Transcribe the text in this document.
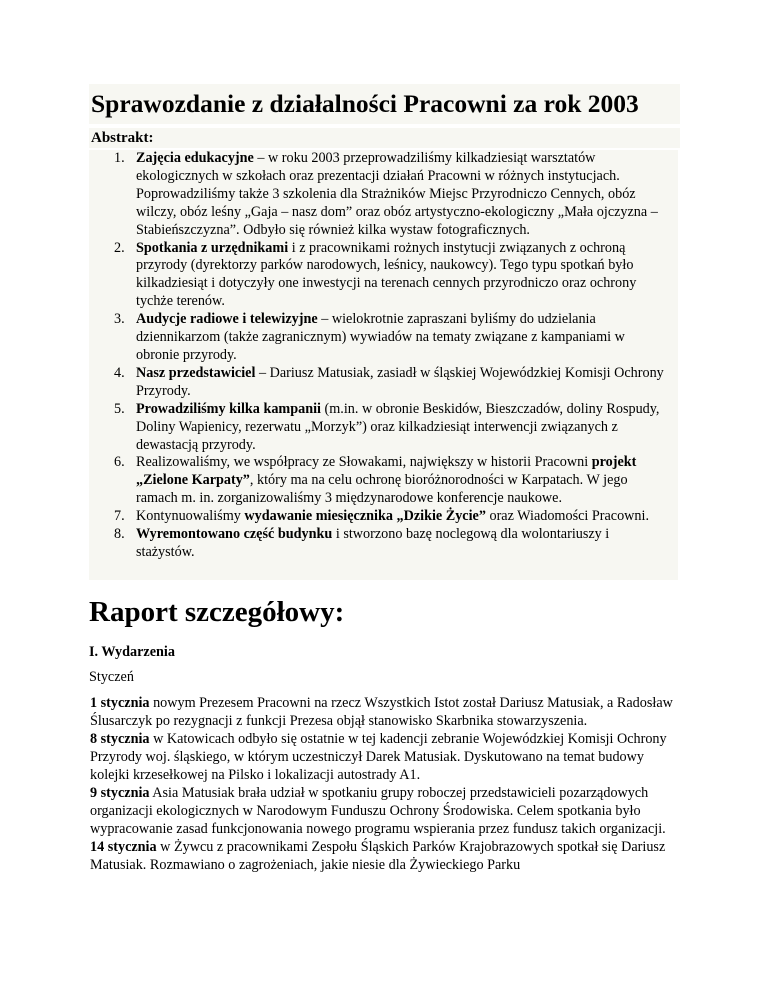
Sprawozdanie z działalności Pracowni za rok 2003
Abstrakt:
1. Zajęcia edukacyjne – w roku 2003 przeprowadziliśmy kilkadziesiąt warsztatów ekologicznych w szkołach oraz prezentacji działań Pracowni w różnych instytucjach. Poprowadziliśmy także 3 szkolenia dla Strażników Miejsc Przyrodniczo Cennych, obóz wilczy, obóz leśny „Gaja – nasz dom” oraz obóz artystyczno-ekologiczny „Mała ojczyzna – Stabieńszczyzna”. Odbyło się również kilka wystaw fotograficznych.
2. Spotkania z urzędnikami i z pracownikami rożnych instytucji związanych z ochroną przyrody (dyrektorzy parków narodowych, leśnicy, naukowcy). Tego typu spotkań było kilkadziesiąt i dotyczyły one inwestycji na terenach cennych przyrodniczo oraz ochrony tychże terenów.
3. Audycje radiowe i telewizyjne – wielokrotnie zapraszani byliśmy do udzielania dziennikarzom (także zagranicznym) wywiadów na tematy związane z kampaniami w obronie przyrody.
4. Nasz przedstawiciel – Dariusz Matusiak, zasiadł w śląskiej Wojewódzkiej Komisji Ochrony Przyrody.
5. Prowadziliśmy kilka kampanii (m.in. w obronie Beskidów, Bieszczadów, doliny Rospudy, Doliny Wapienicy, rezerwatu „Morzyk”) oraz kilkadziesiąt interwencji związanych z dewastacją przyrody.
6. Realizowaliśmy, we współpracy ze Słowakami, największy w historii Pracowni projekt „Zielone Karpaty”, który ma na celu ochronę bioróżnorodności w Karpatach. W jego ramach m. in. zorganizowaliśmy 3 międzynarodowe konferencje naukowe.
7. Kontynuowaliśmy wydawanie miesięcznika „Dzikie Życie” oraz Wiadomości Pracowni.
8. Wyremontowano część budynku i stworzono bazę noclegową dla wolontariuszy i stażystów.
Raport szczegółowy:
I. Wydarzenia

Styczeń

1 stycznia nowym Prezesem Pracowni na rzecz Wszystkich Istot został Dariusz Matusiak, a Radosław Ślusarczyk po rezygnacji z funkcji Prezesa objął stanowisko Skarbnika stowarzyszenia.

8 stycznia w Katowicach odbyło się ostatnie w tej kadencji zebranie Wojewódzkiej Komisji Ochrony Przyrody woj. śląskiego, w którym uczestniczył Darek Matusiak. Dyskutowano na temat budowy kolejki krzesełkowej na Pilsko i lokalizacji autostrady A1.

9 stycznia Asia Matusiak brała udział w spotkaniu grupy roboczej przedstawicieli pozarządowych organizacji ekologicznych w Narodowym Funduszu Ochrony Środowiska. Celem spotkania było wypracowanie zasad funkcjonowania nowego programu wspierania przez fundusz takich organizacji.

14 stycznia w Żywcu z pracownikami Zespołu Śląskich Parków Krajobrazowych spotkał się Dariusz Matusiak. Rozmawiano o zagrożeniach, jakie niesie dla Żywieckiego Parku
